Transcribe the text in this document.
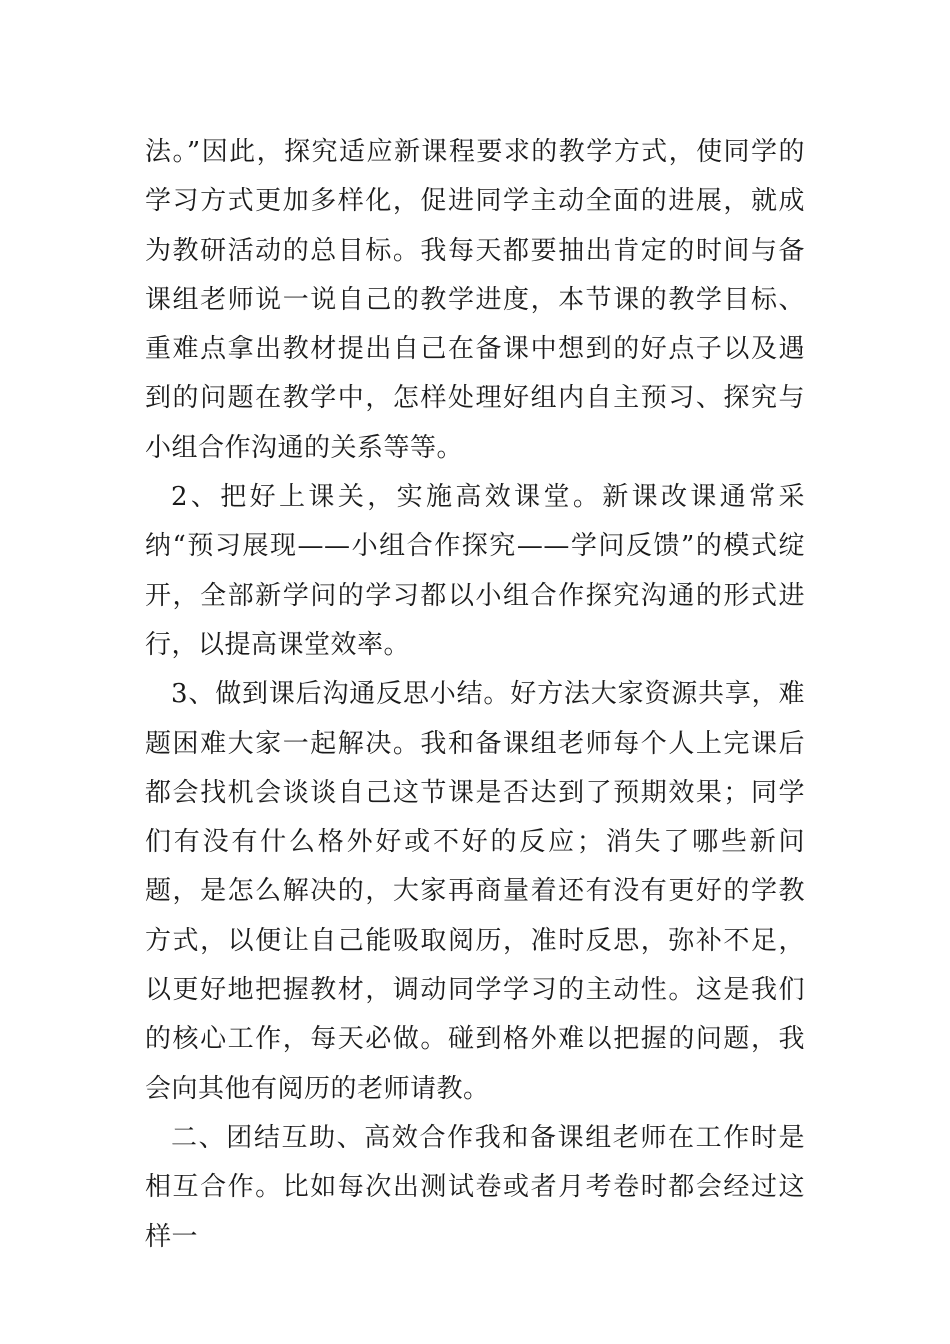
法。”因此，探究适应新课程要求的教学方式，使同学的学习方式更加多样化，促进同学主动全面的进展，就成为教研活动的总目标。我每天都要抽出肯定的时间与备课组老师说一说自己的教学进度，本节课的教学目标、重难点拿出教材提出自己在备课中想到的好点子以及遇到的问题在教学中，怎样处理好组内自主预习、探究与小组合作沟通的关系等等。

2、把好上课关，实施高效课堂。新课改课通常采纳“预习展现——小组合作探究——学问反馈”的模式绽开，全部新学问的学习都以小组合作探究沟通的形式进行，以提高课堂效率。

3、做到课后沟通反思小结。好方法大家资源共享，难题困难大家一起解决。我和备课组老师每个人上完课后都会找机会谈谈自己这节课是否达到了预期效果；同学们有没有什么格外好或不好的反应；消失了哪些新问题，是怎么解决的，大家再商量着还有没有更好的学教方式，以便让自己能吸取阅历，准时反思，弥补不足，以更好地把握教材，调动同学学习的主动性。这是我们的核心工作，每天必做。碰到格外难以把握的问题，我会向其他有阅历的老师请教。

二、团结互助、高效合作我和备课组老师在工作时是相互合作。比如每次出测试卷或者月考卷时都会经过这样一
